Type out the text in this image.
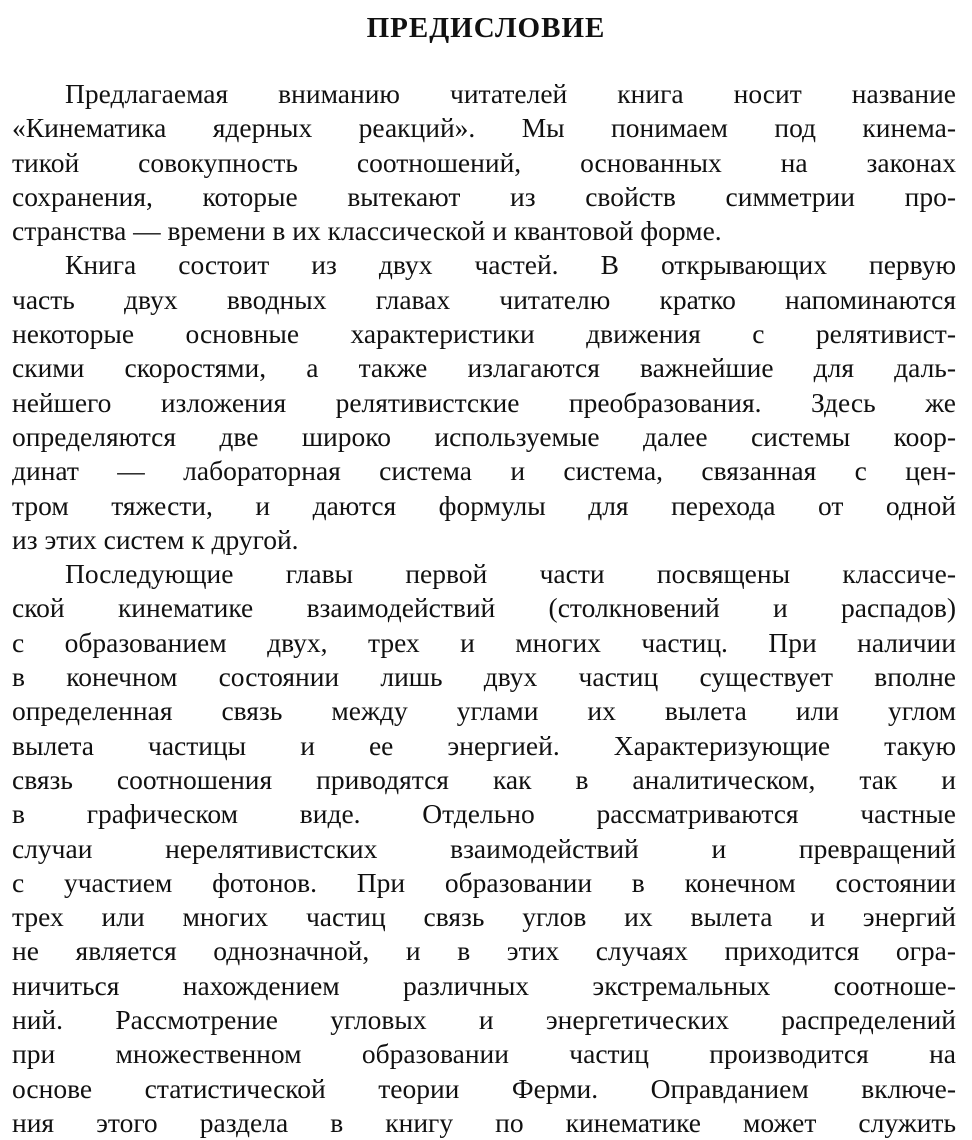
ПРЕДИСЛОВИЕ
Предлагаемая вниманию читателей книга носит название
«Кинематика ядерных реакций». Мы понимаем под кинема-
тикой совокупность соотношений, основанных на законах
сохранения, которые вытекают из свойств симметрии про-
странства — времени в их классической и квантовой форме.
Книга состоит из двух частей. В открывающих первую
часть двух вводных главах читателю кратко напоминаются
некоторые основные характеристики движения с релятивист-
скими скоростями, а также излагаются важнейшие для даль-
нейшего изложения релятивистские преобразования. Здесь же
определяются две широко используемые далее системы коор-
динат — лабораторная система и система, связанная с цен-
тром тяжести, и даются формулы для перехода от одной
из этих систем к другой.
Последующие главы первой части посвящены классиче-
ской кинематике взаимодействий (столкновений и распадов)
с образованием двух, трех и многих частиц. При наличии
в конечном состоянии лишь двух частиц существует вполне
определенная связь между углами их вылета или углом
вылета частицы и ее энергией. Характеризующие такую
связь соотношения приводятся как в аналитическом, так и
в графическом виде. Отдельно рассматриваются частные
случаи нерелятивистских взаимодействий и превращений
с участием фотонов. При образовании в конечном состоянии
трех или многих частиц связь углов их вылета и энергий
не является однозначной, и в этих случаях приходится огра-
ничиться нахождением различных экстремальных соотноше-
ний. Рассмотрение угловых и энергетических распределений
при множественном образовании частиц производится на
основе статистической теории Ферми. Оправданием включе-
ния этого раздела в книгу по кинематике может служить
